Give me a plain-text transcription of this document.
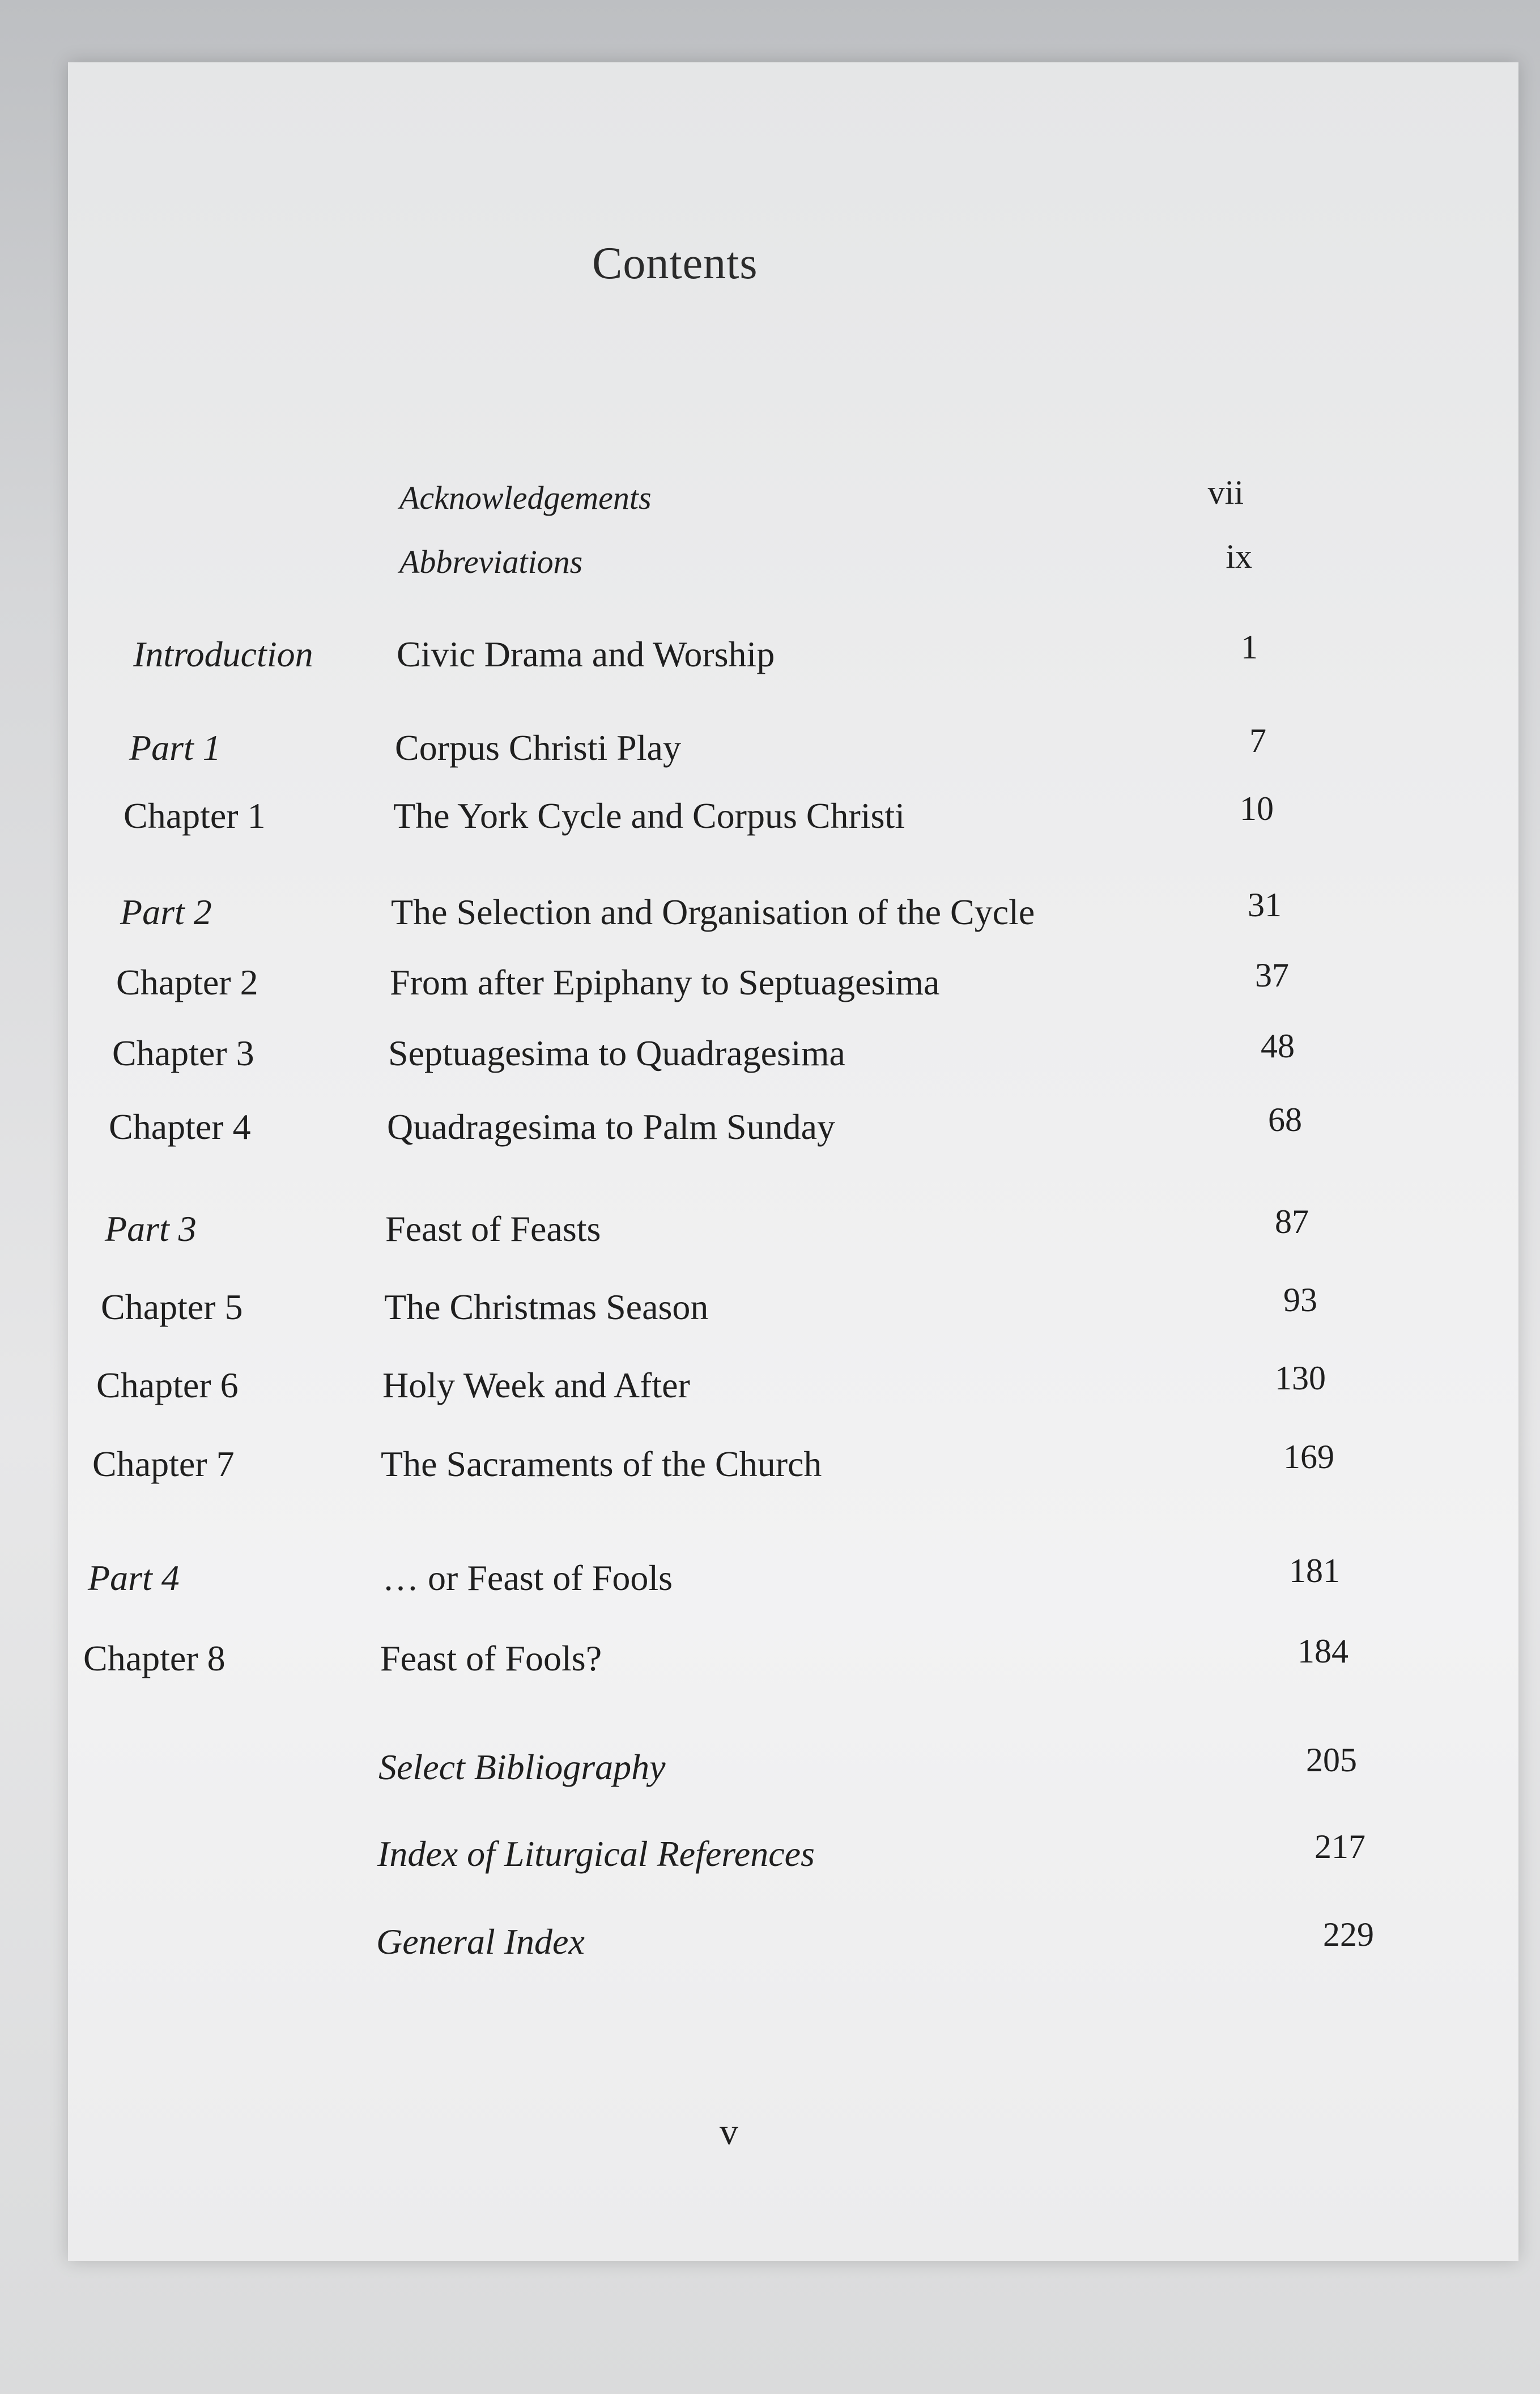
Contents
Acknowledgements	vii
Abbreviations	ix
Introduction Civic Drama and Worship	1
Part 1	Corpus Christi Play	7
Chapter 1	The York Cycle and Corpus Christi	10
Part 2	The Selection and Organisation of the Cycle	31
Chapter 2	From after Epiphany to Septuagesima	37
Chapter 3	Septuagesima to Quadragesima	48
Chapter 4	Quadragesima to Palm Sunday	68
Part 3	Feast of Feasts	87
Chapter 5	The Christmas Season	93
Chapter 6	Holy Week and After	130
Chapter 7	The Sacraments of the Church	169
Part 4	… or Feast of Fools	181
Chapter 8	Feast of Fools?	184
Select Bibliography	205
Index of Liturgical References	217
General Index	229
v
